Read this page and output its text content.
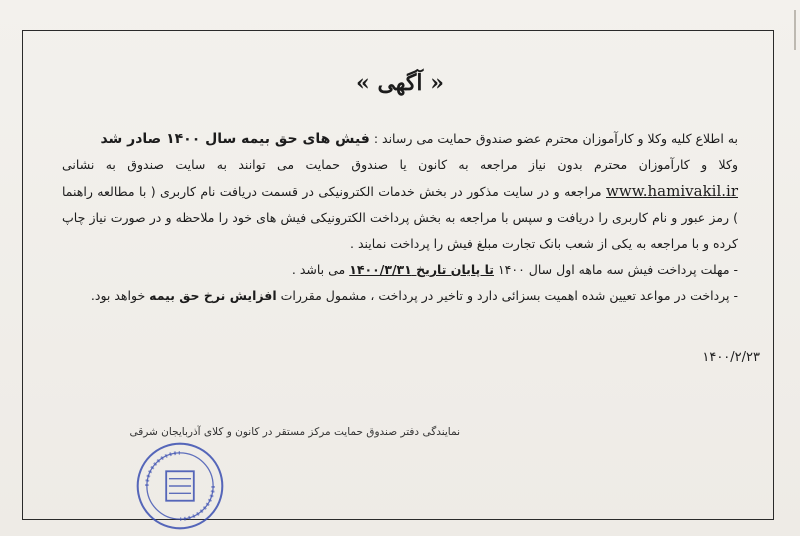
« آگهی »

به اطلاع کلیه وکلا و کارآموزان محترم عضو صندوق حمایت می رساند : فیش های حق بیمه سال ۱۴۰۰ صادر شد

وکلا و کارآموزان محترم بدون نیاز مراجعه به کانون یا صندوق حمایت می توانند به سایت صندوق به نشانی www.hamivakil.ir مراجعه و در سایت مذکور در بخش خدمات الکترونیکی در قسمت دریافت نام کاربری ( با مطالعه راهنما ) رمز عبور و نام کاربری را دریافت و سپس با مراجعه به بخش پرداخت الکترونیکی فیش های خود را ملاحظه و در صورت نیاز چاپ کرده و با مراجعه به یکی از شعب بانک تجارت مبلغ فیش را پرداخت نمایند .

- مهلت پرداخت فیش سه ماهه اول سال ۱۴۰۰ تا پایان تاریخ ۱۴۰۰/۳/۳۱ می باشد .

- پرداخت در مواعد تعیین شده اهمیت بسزائی دارد و تاخیر در پرداخت ، مشمول مقررات افزایش نرخ حق بیمه خواهد بود.

۱۴۰۰/۲/۲۳
نمایندگی دفتر صندوق حمایت مرکز مستقر در کانون و کلای آذربایجان شرقی
